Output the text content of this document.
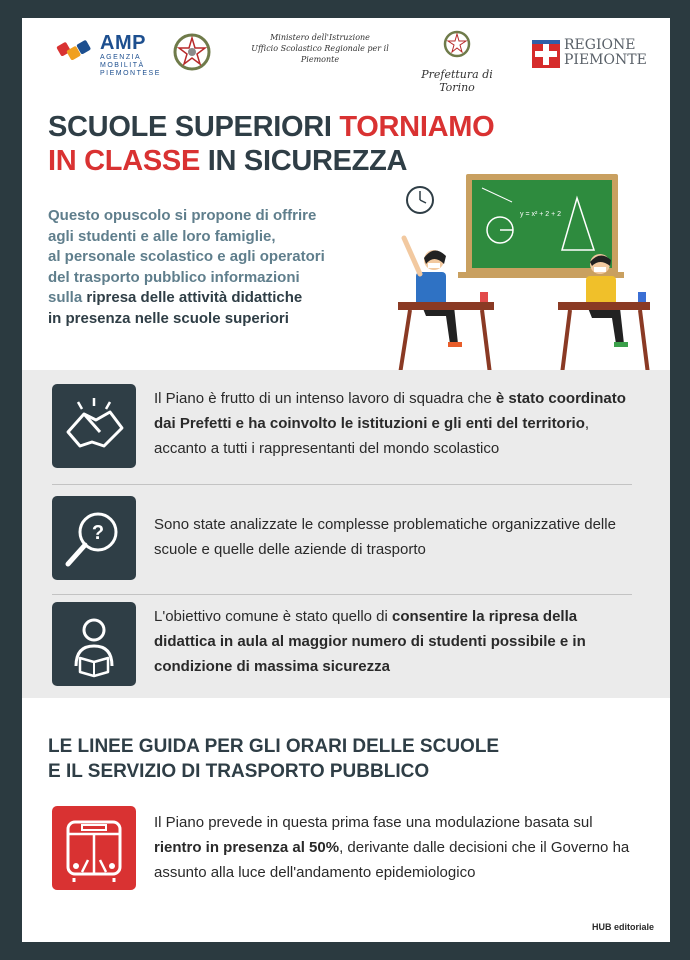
AMP
AGENZIA MOBILITÀ PIEMONTESE
Ministero dell'Istruzione
Ufficio Scolastico Regionale per il Piemonte
Prefettura di Torino
REGIONE
PIEMONTE
SCUOLE SUPERIORI TORNIAMO
IN CLASSE IN SICUREZZA
Questo opuscolo si propone di offrire
agli studenti e alle loro famiglie,
al personale scolastico e agli operatori
del trasporto pubblico informazioni
sulla ripresa delle attività didattiche
in presenza nelle scuole superiori
y = x² + 2 + 2
Il Piano è frutto di un intenso lavoro di squadra che è stato coordinato dai Prefetti e ha coinvolto le istituzioni e gli enti del territorio, accanto a tutti i rappresentanti del mondo scolastico
?	Sono state analizzate le complesse problematiche organizzative delle scuole e quelle delle aziende di trasporto
L'obiettivo comune è stato quello di consentire la ripresa della didattica in aula al maggior numero di studenti possibile e in condizione di massima sicurezza
LE LINEE GUIDA PER GLI ORARI DELLE SCUOLE
E IL SERVIZIO DI TRASPORTO PUBBLICO
Il Piano prevede in questa prima fase una modulazione basata sul rientro in presenza al 50%, derivante dalle decisioni che il Governo ha assunto alla luce dell'andamento epidemiologico
HUB editoriale
